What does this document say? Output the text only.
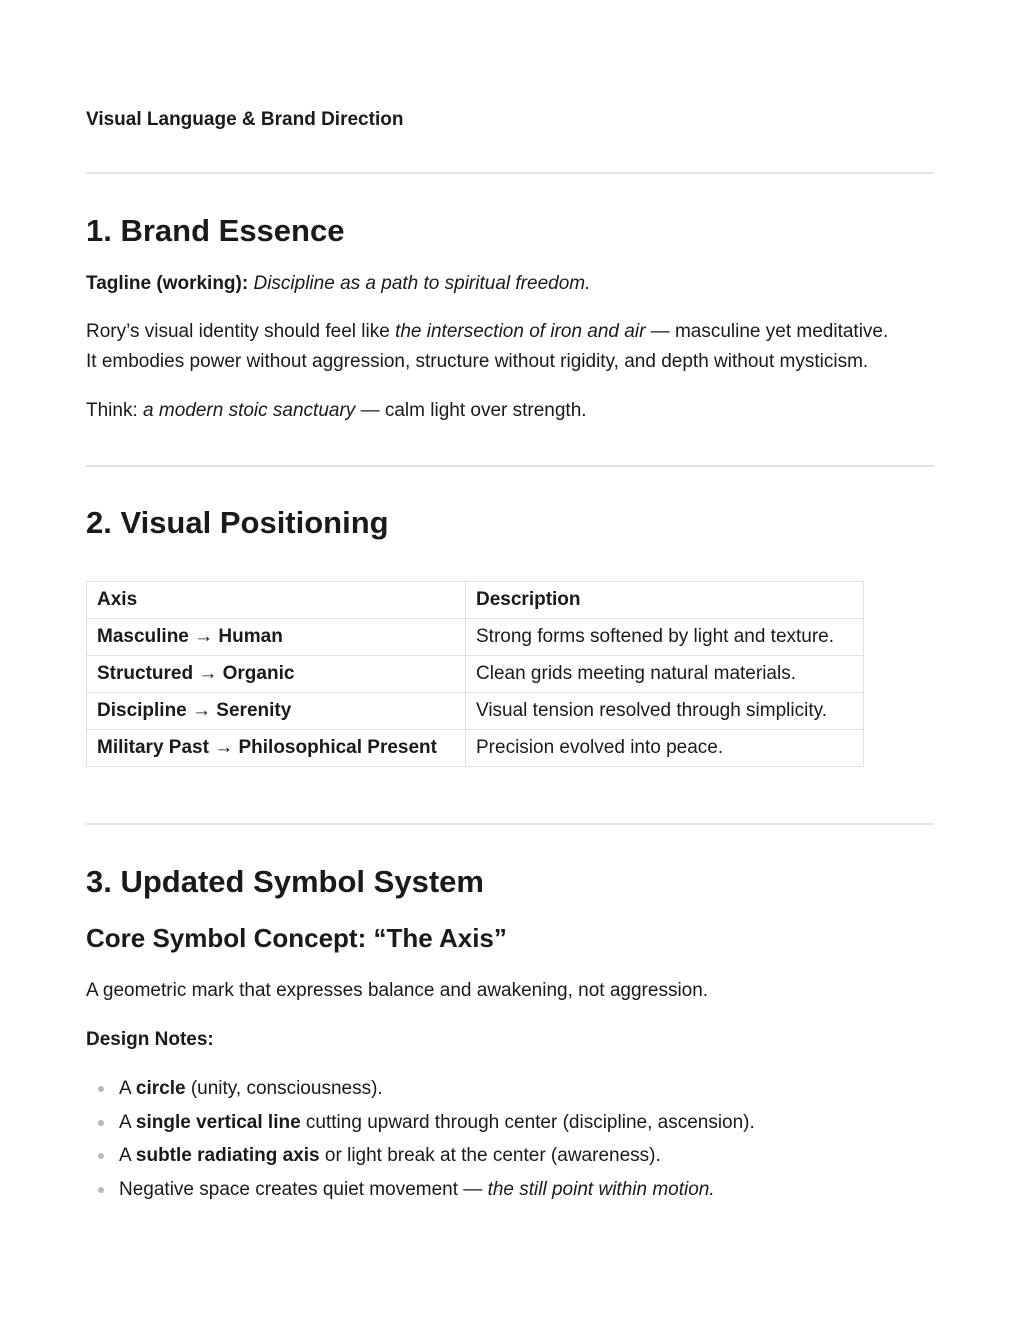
Visual Language & Brand Direction
1. Brand Essence

Tagline (working): Discipline as a path to spiritual freedom.

Rory’s visual identity should feel like the intersection of iron and air — masculine yet meditative.
It embodies power without aggression, structure without rigidity, and depth without mysticism.

Think: a modern stoic sanctuary — calm light over strength.

2. Visual Positioning
Axis	Description
Masculine → Human	Strong forms softened by light and texture.
Structured → Organic	Clean grids meeting natural materials.
Discipline → Serenity	Visual tension resolved through simplicity.
Military Past → Philosophical Present	Precision evolved into peace.
3. Updated Symbol System
Core Symbol Concept: “The Axis”

A geometric mark that expresses balance and awakening, not aggression.

Design Notes:

A circle (unity, consciousness).
A single vertical line cutting upward through center (discipline, ascension).
A subtle radiating axis or light break at the center (awareness).
Negative space creates quiet movement — the still point within motion.
